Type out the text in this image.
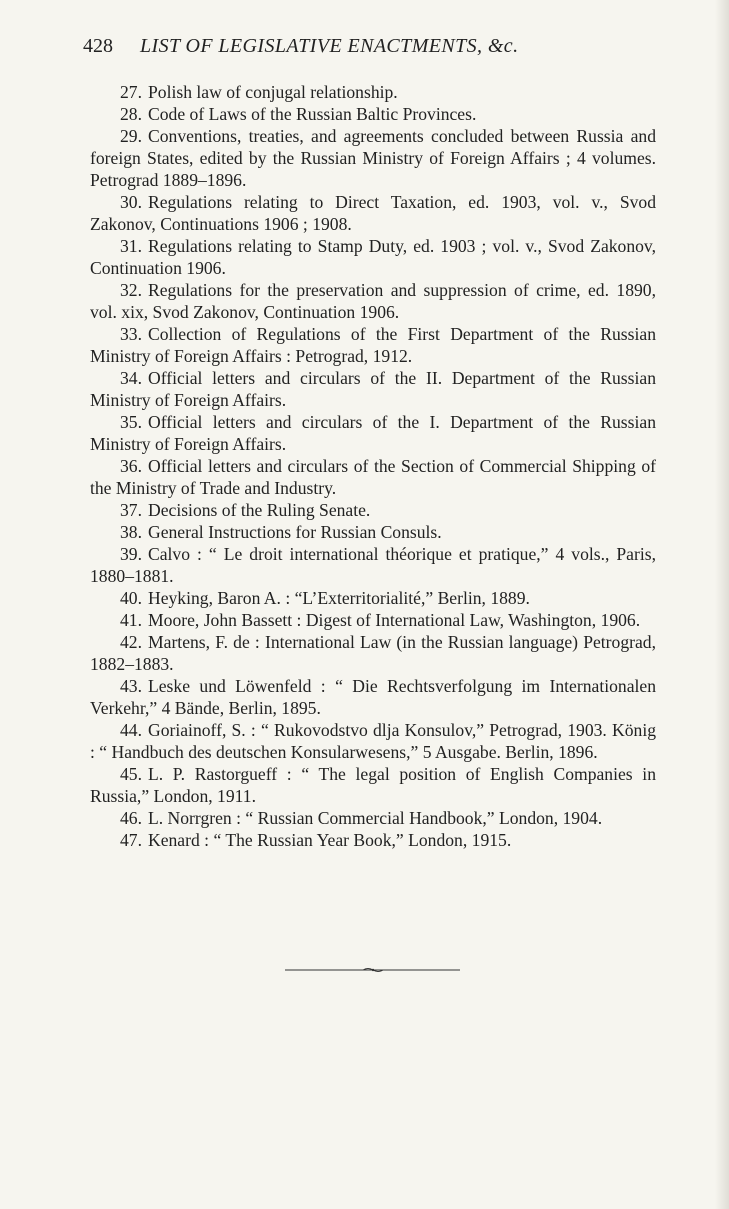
428 LIST OF LEGISLATIVE ENACTMENTS, &c.

27. Polish law of conjugal relationship.

28. Code of Laws of the Russian Baltic Provinces.

29. Conventions, treaties, and agreements concluded between Russia and foreign States, edited by the Russian Ministry of Foreign Affairs ; 4 volumes. Petrograd 1889–1896.

30. Regulations relating to Direct Taxation, ed. 1903, vol. v., Svod Zakonov, Continuations 1906 ; 1908.

31. Regulations relating to Stamp Duty, ed. 1903 ; vol. v., Svod Zakonov, Continuation 1906.

32. Regulations for the preservation and suppression of crime, ed. 1890, vol. xix, Svod Zakonov, Continuation 1906.

33. Collection of Regulations of the First Department of the Russian Ministry of Foreign Affairs : Petrograd, 1912.

34. Official letters and circulars of the II. Department of the Russian Ministry of Foreign Affairs.

35. Official letters and circulars of the I. Department of the Russian Ministry of Foreign Affairs.

36. Official letters and circulars of the Section of Commercial Shipping of the Ministry of Trade and Industry.

37. Decisions of the Ruling Senate.

38. General Instructions for Russian Consuls.

39. Calvo : “ Le droit international théorique et pratique,” 4 vols., Paris, 1880–1881.

40. Heyking, Baron A. : “L’Exterritorialité,” Berlin, 1889.

41. Moore, John Bassett : Digest of International Law, Washington, 1906.

42. Martens, F. de : International Law (in the Russian language) Petrograd, 1882–1883.

43. Leske und Löwenfeld : “ Die Rechtsverfolgung im Internationalen Verkehr,” 4 Bände, Berlin, 1895.

44. Goriainoff, S. : “ Rukovodstvo dlja Konsulov,” Petrograd, 1903. König : “ Handbuch des deutschen Konsularwesens,” 5 Ausgabe. Berlin, 1896.

45. L. P. Rastorgueff : “ The legal position of English Companies in Russia,” London, 1911.

46. L. Norrgren : “ Russian Commercial Handbook,” London, 1904.

47. Kenard : “ The Russian Year Book,” London, 1915.
